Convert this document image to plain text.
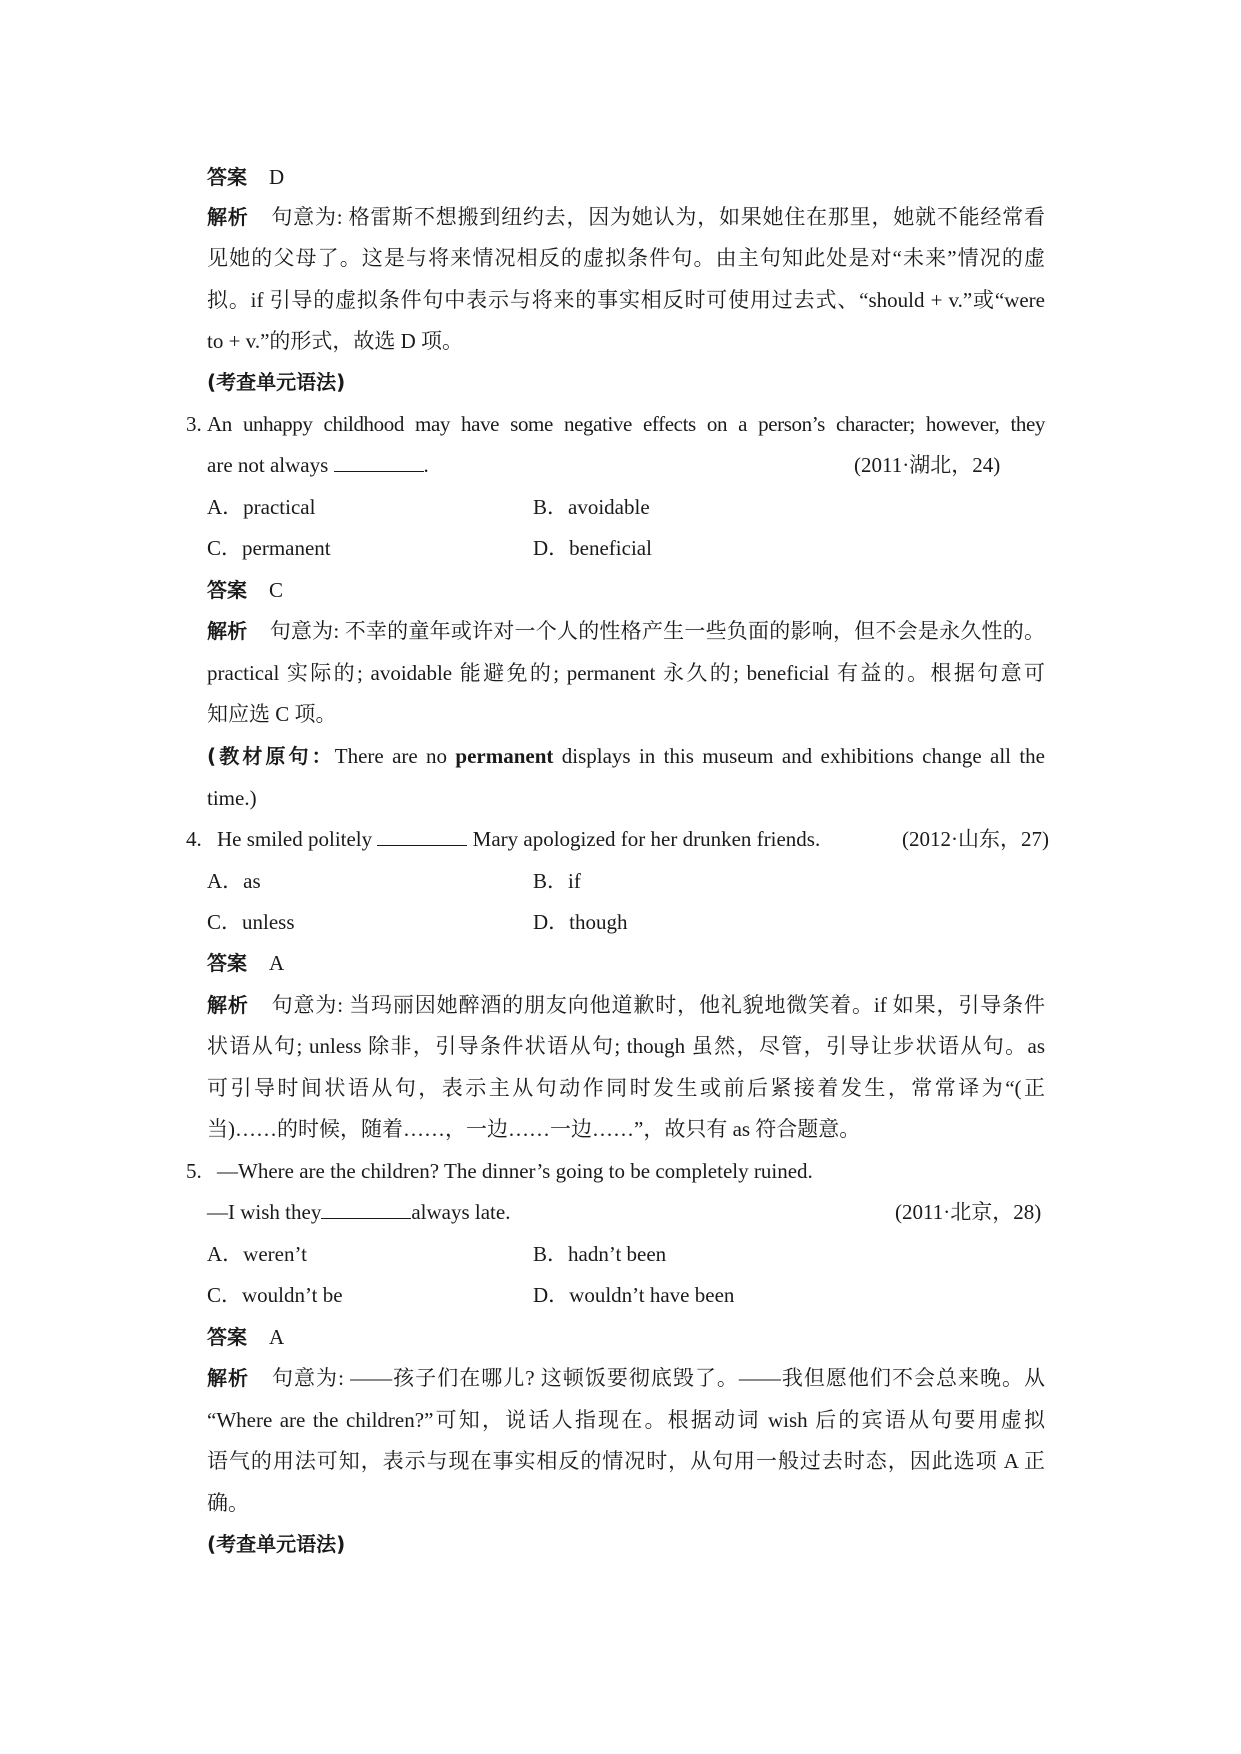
答案 D
解析 句意为: 格雷斯不想搬到纽约去，因为她认为，如果她住在那里，她就不能经常看
见她的父母了。这是与将来情况相反的虚拟条件句。由主句知此处是对“未来”情况的虚
拟。if 引导的虚拟条件句中表示与将来的事实相反时可使用过去式、“should + v.”或“were
to + v.”的形式，故选 D 项。
(考查单元语法)
3. An unhappy childhood may have some negative effects on a person’s character; however, they
are not always	.	(2011·湖北，24)
A．practical	B．avoidable
C．permanent	D．beneficial
答案 C
解析 句意为: 不幸的童年或许对一个人的性格产生一些负面的影响，但不会是永久性的。
practical 实际的; avoidable 能避免的; permanent 永久的; beneficial 有益的。根据句意可
知应选 C 项。
(教材原句：There are no permanent displays in this museum and exhibitions change all the
time.)
4. He smiled politely	Mary apologized for her drunken friends.	(2012·山东，27)
A．as	B．if
C．unless	D．though
答案 A
解析 句意为: 当玛丽因她醉酒的朋友向他道歉时，他礼貌地微笑着。if 如果，引导条件
状语从句; unless 除非，引导条件状语从句; though 虽然，尽管，引导让步状语从句。as
可引导时间状语从句，表示主从句动作同时发生或前后紧接着发生，常常译为“(正
当)……的时候，随着……，一边……一边……”，故只有 as 符合题意。
5. —Where are the children? The dinner’s going to be completely ruined.
—I wish they	always late.	(2011·北京，28)
A．weren’t	B．hadn’t been
C．wouldn’t be	D．wouldn’t have been
答案 A
解析 句意为: ——孩子们在哪儿? 这顿饭要彻底毁了。——我但愿他们不会总来晚。从
“Where are the children?”可知，说话人指现在。根据动词 wish 后的宾语从句要用虚拟
语气的用法可知，表示与现在事实相反的情况时，从句用一般过去时态，因此选项 A 正
确。
(考查单元语法)
